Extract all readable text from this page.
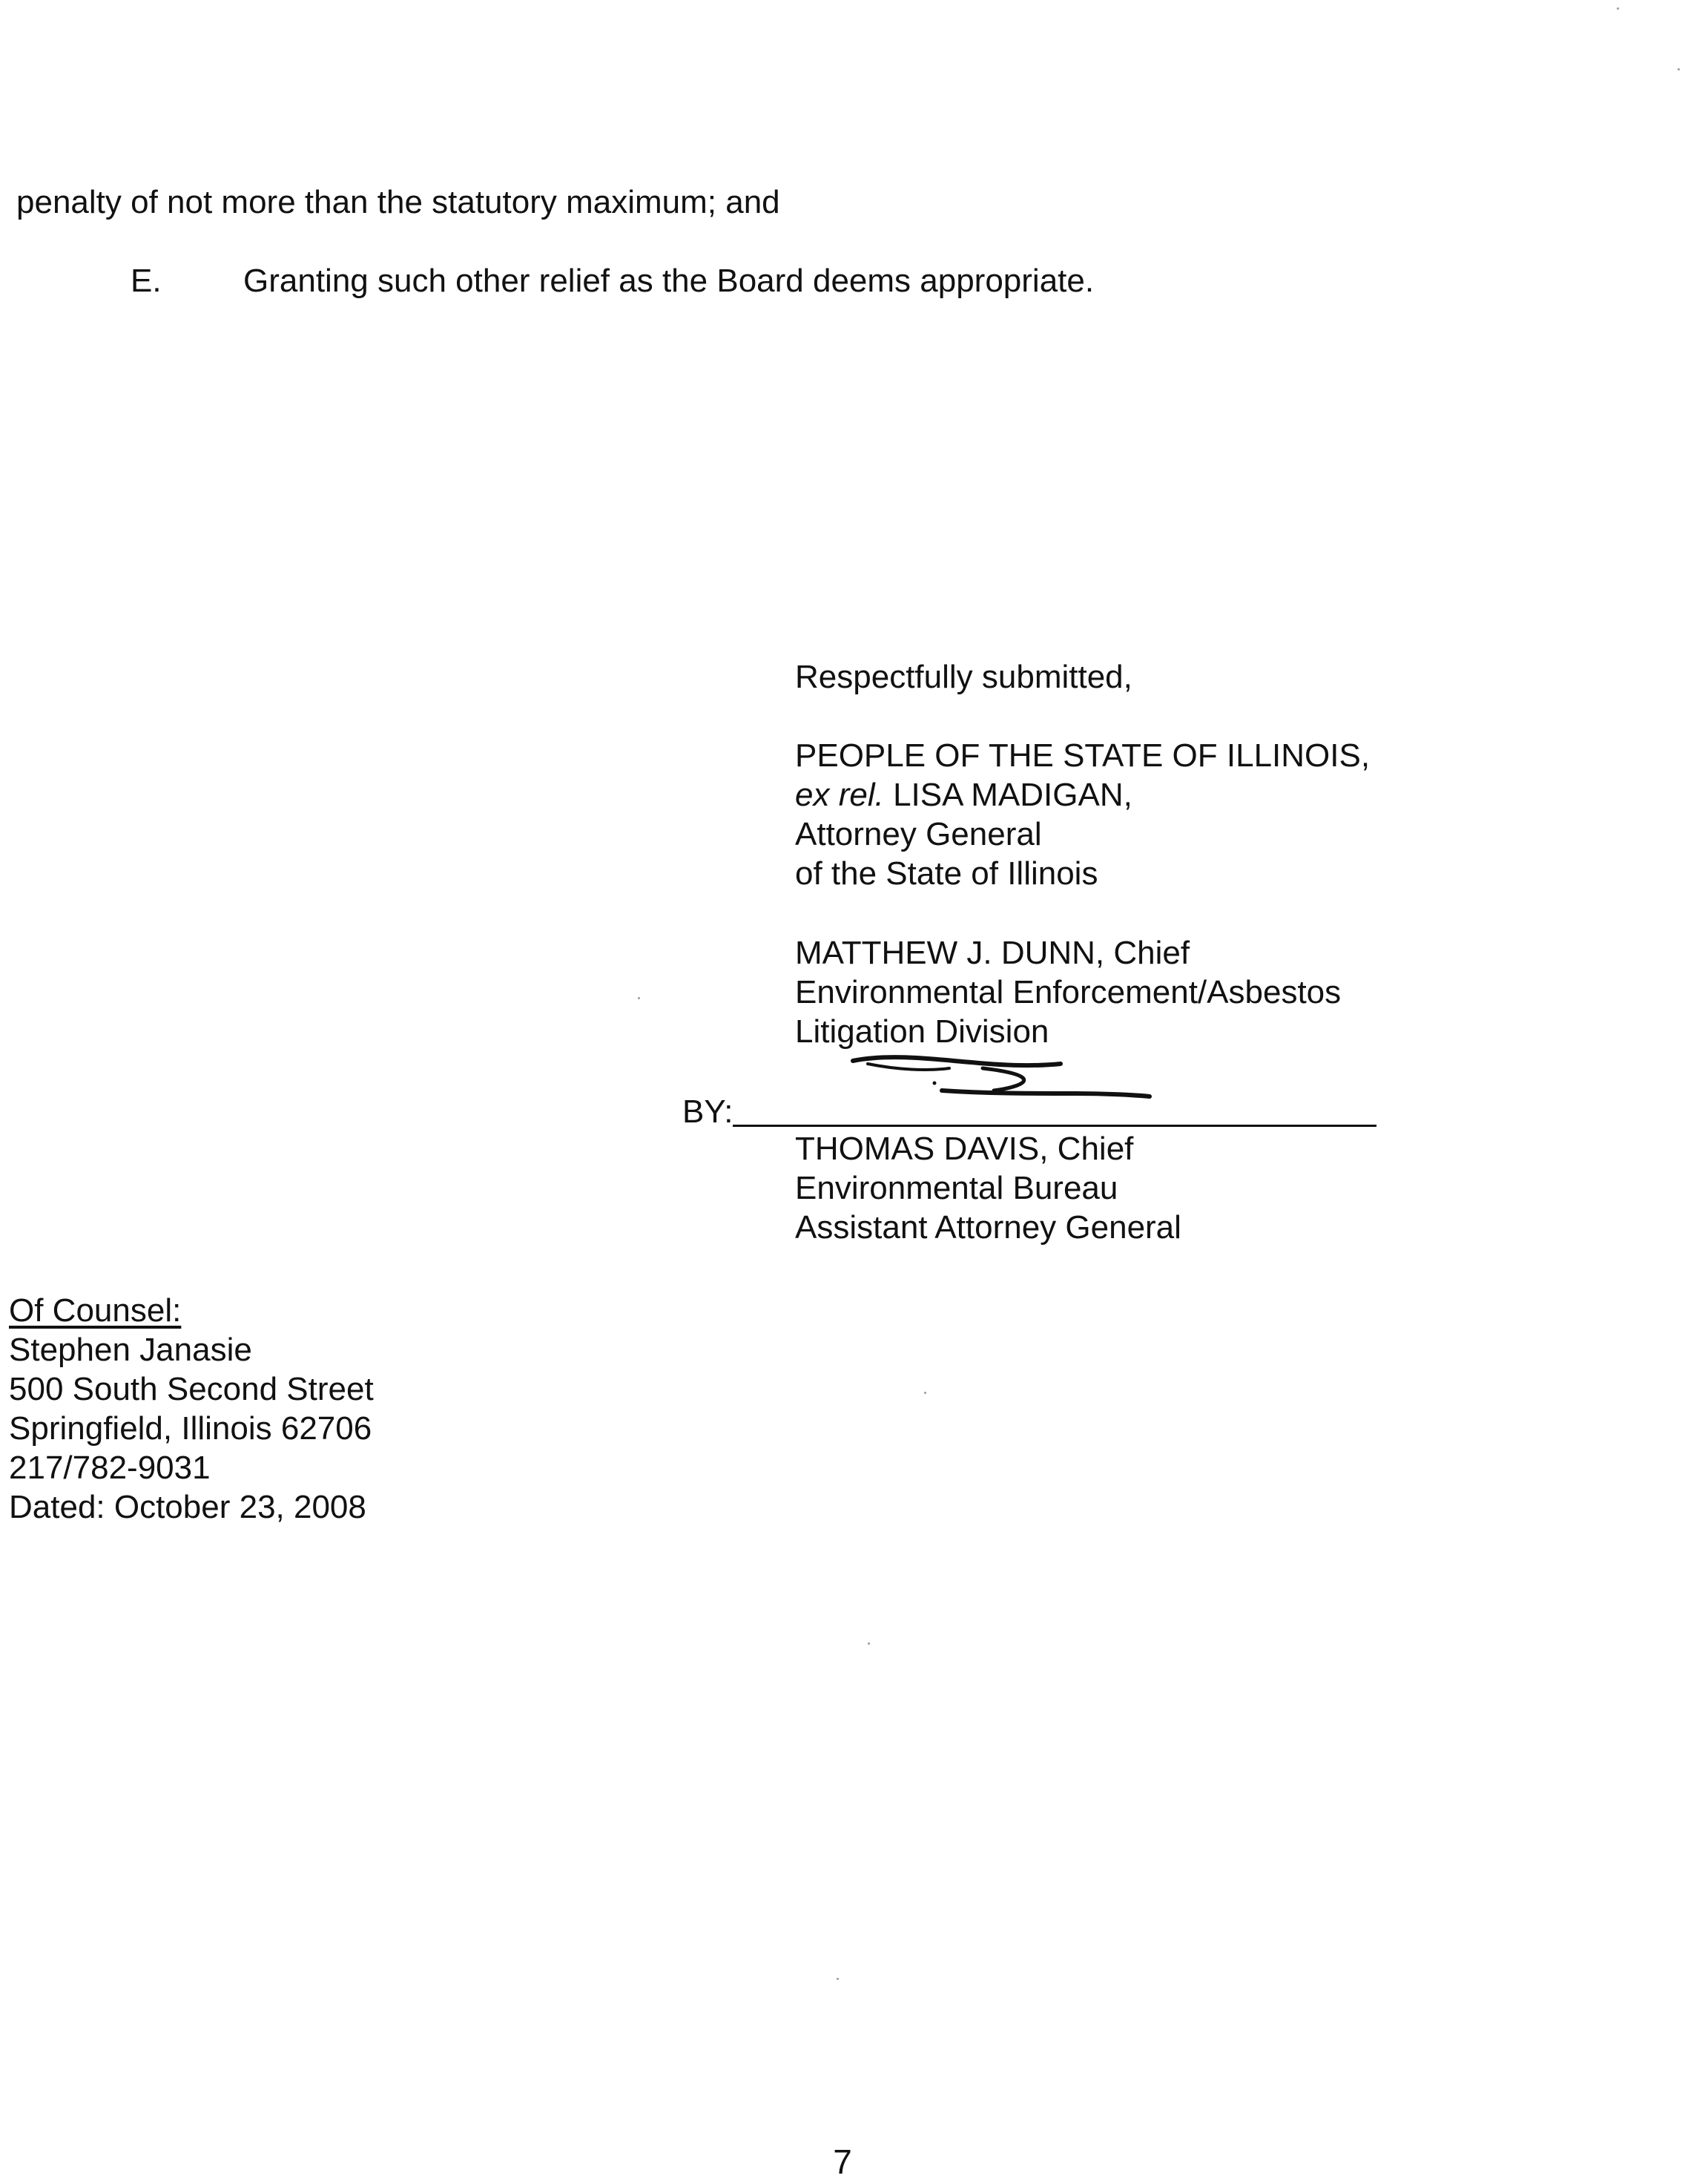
penalty of not more than the statutory maximum; and
E.	Granting such other relief as the Board deems appropriate.
Respectfully submitted,
PEOPLE OF THE STATE OF ILLINOIS,
ex rel. LISA MADIGAN,
Attorney General
of the State of Illinois
MATTHEW J. DUNN, Chief
Environmental Enforcement/Asbestos
Litigation Division
BY:
THOMAS DAVIS, Chief
Environmental Bureau
Assistant Attorney General
Of Counsel:
Stephen Janasie
500 South Second Street
Springfield, Illinois 62706
217/782-9031
Dated: October 23, 2008
7
